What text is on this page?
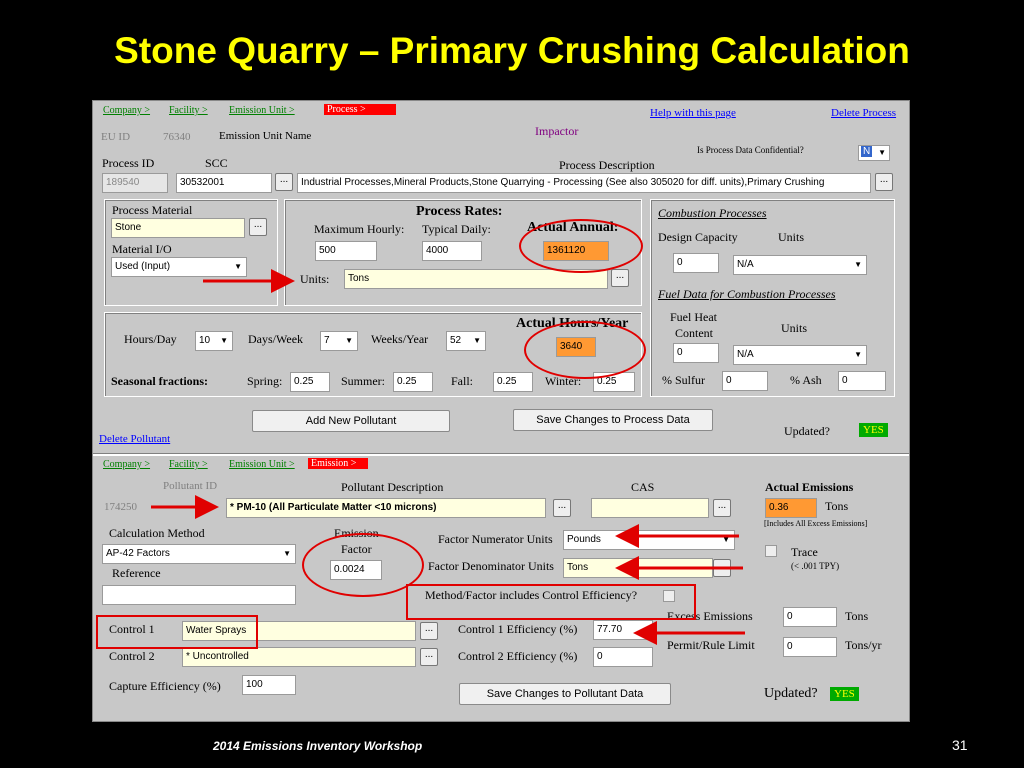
Stone Quarry – Primary Crushing Calculation
Company > Facility > Emission Unit >	Process >	Help with this page	Delete Process
EU ID	76340	Emission Unit Name	Impactor
Is Process Data Confidential?	N ▼
Process ID	SCC	Process Description
189540	30532001	...	Industrial Processes,Mineral Products,Stone Quarrying - Processing (See also 305020 for diff. units),Primary Crushing	...
Process Material
Stone	...
Material I/O
Used (Input)	▼
Process Rates:
Maximum Hourly: Typical Daily:	Actual Annual:
500	4000	1361120
Units:	Tons	...
Combustion Processes
Design Capacity	Units
0	N/A	▼
Fuel Data for Combustion Processes
Fuel Heat
Content	Units
0	N/A	▼
% Sulfur	0	% Ash	0
Hours/Day	10 ▼ Days/Week	7 ▼ Weeks/Year	52 ▼
Actual Hours/Year
3640
Seasonal fractions:	Spring:	0.25	Summer:	0.25	Fall:	0.25	Winter:	0.25
Add New Pollutant	Save Changes to Process Data
Updated?	YES
Delete Pollutant
Company > Facility > Emission Unit >	Emission >
Pollutant ID	Pollutant Description	CAS	Actual Emissions
174250	* PM-10 (All Particulate Matter <10 microns)	...	...	0.36	Tons
[Includes All Excess Emissions]
Calculation Method
AP-42 Factors	▼
Reference
Emission
Factor
0.0024
Factor Numerator Units	Pounds	▼
Factor Denominator Units	Tons	...
Method/Factor includes Control Efficiency?
Trace
(< .001 TPY)
Excess Emissions	0	Tons
Permit/Rule Limit	0	Tons/yr
Control 1	Water Sprays	...	Control 1 Efficiency (%)	77.70
Control 2	* Uncontrolled	...	Control 2 Efficiency (%)	0
Capture Efficiency (%)	100
Save Changes to Pollutant Data	Updated?	YES
2014 Emissions Inventory Workshop	31
